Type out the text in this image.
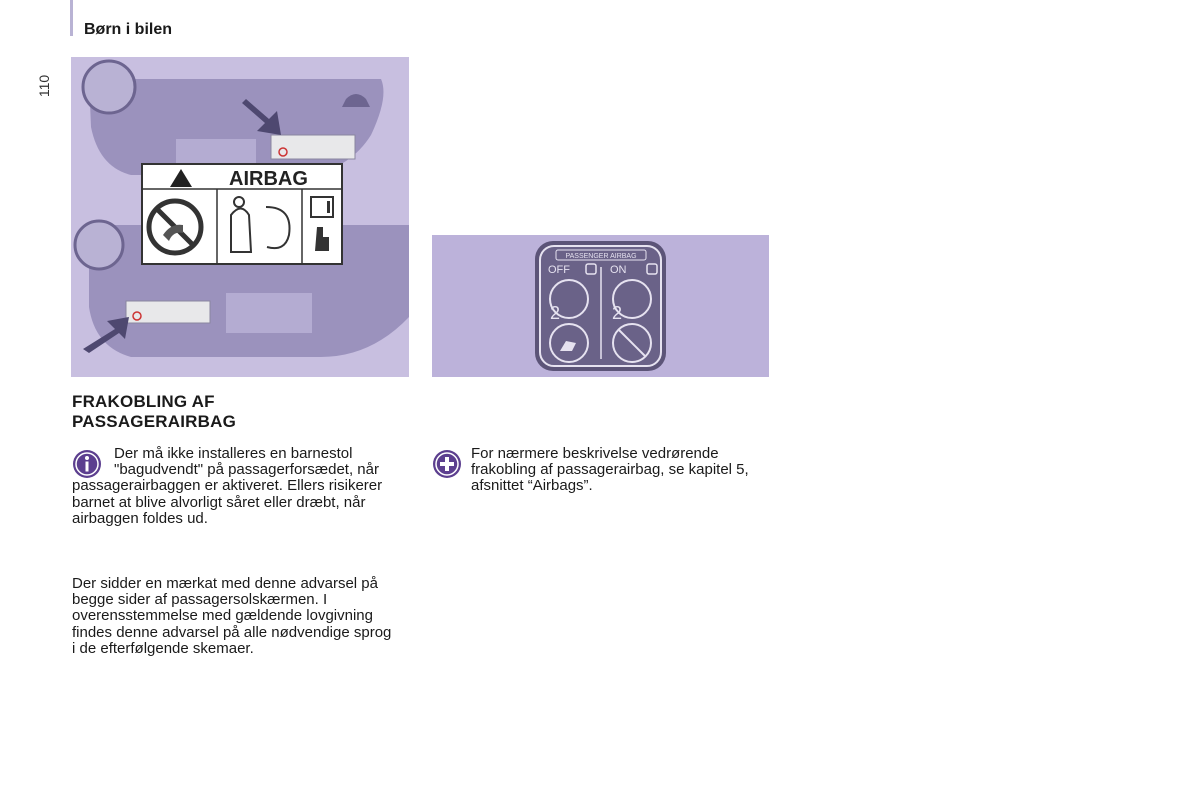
Børn i bilen
110
AIRBAG
PASSENGER AIRBAG
OFF	ON
2	2
FRAKOBLING AF
PASSAGERAIRBAG
Der må ikke installeres en barnestol "bagudvendt" på passagerforsædet, når passagerairbaggen er aktiveret. Ellers risikerer barnet at blive alvorligt såret eller dræbt, når airbaggen foldes ud.
Der sidder en mærkat med denne advarsel på begge sider af passagersolskærmen. I overensstemmelse med gældende lovgivning findes denne advarsel på alle nødvendige sprog i de efterfølgende skemaer.
For nærmere beskrivelse vedrørende frakobling af passagerairbag, se kapitel 5, afsnittet “Airbags”.
